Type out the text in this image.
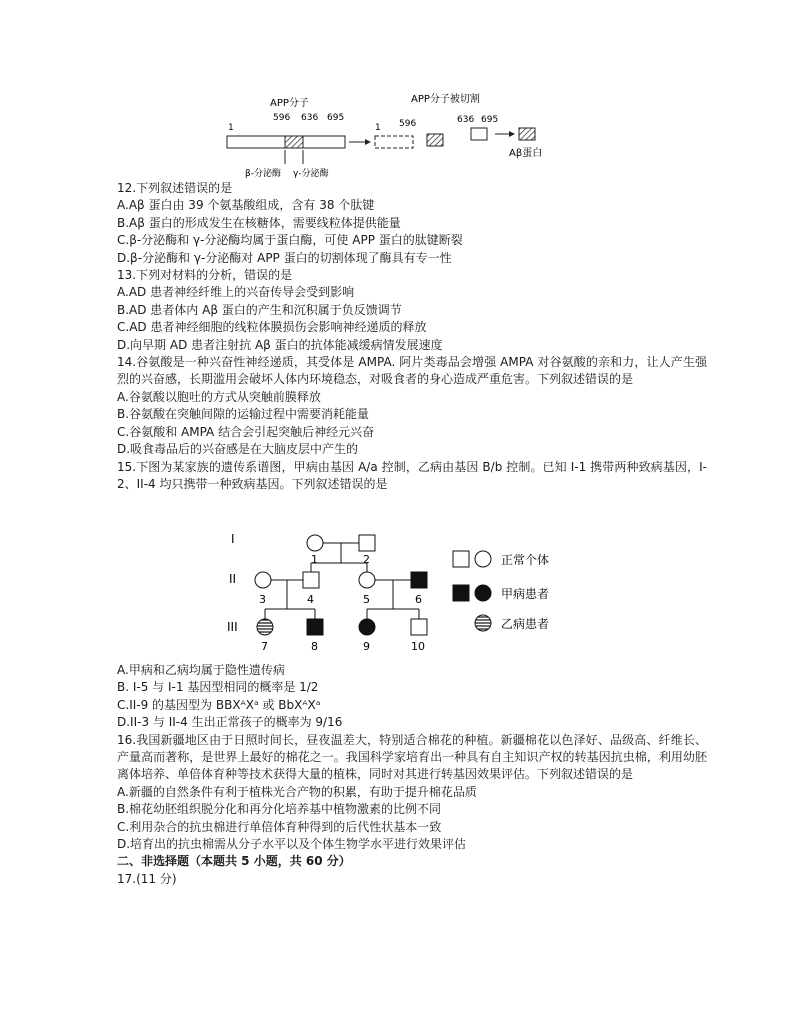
APP分子	APP分子被切割
1
596 636 695
β-分泌酶 γ-分泌酶
1 596	636 695
Aβ蛋白

12.下列叙述错误的是

A.Aβ 蛋白由 39 个氨基酸组成，含有 38 个肽键

B.Aβ 蛋白的形成发生在核糖体，需要线粒体提供能量

C.β-分泌酶和 γ-分泌酶均属于蛋白酶，可使 APP 蛋白的肽键断裂

D.β-分泌酶和 γ-分泌酶对 APP 蛋白的切割体现了酶具有专一性

13.下列对材料的分析，错误的是

A.AD 患者神经纤维上的兴奋传导会受到影响

B.AD 患者体内 Aβ 蛋白的产生和沉积属于负反馈调节

C.AD 患者神经细胞的线粒体膜损伤会影响神经递质的释放

D.向早期 AD 患者注射抗 Aβ 蛋白的抗体能减缓病情发展速度

14.谷氨酸是一种兴奋性神经递质，其受体是 AMPA. 阿片类毒品会增强 AMPA 对谷氨酸的亲和力，让人产生强烈的兴奋感，长期滥用会破坏人体内环境稳态，对吸食者的身心造成严重危害。下列叙述错误的是

A.谷氨酸以胞吐的方式从突触前膜释放

B.谷氨酸在突触间隙的运输过程中需要消耗能量

C.谷氨酸和 AMPA 结合会引起突触后神经元兴奋

D.吸食毒品后的兴奋感是在大脑皮层中产生的

15.下图为某家族的遗传系谱图，甲病由基因 A/a 控制，乙病由基因 B/b 控制。已知 I-1 携带两种致病基因，I-2、II-4 均只携带一种致病基因。下列叙述错误的是

I
II
III
1	2
3	4	5	6
7	8	9	10
正常个体
甲病患者
乙病患者

A.甲病和乙病均属于隐性遗传病

B. I-5 与 I-1 基因型相同的概率是 1/2

C.II-9 的基因型为 BBXᴬXᵃ 或 BbXᴬXᵃ

D.II-3 与 II-4 生出正常孩子的概率为 9/16

16.我国新疆地区由于日照时间长，昼夜温差大，特别适合棉花的种植。新疆棉花以色泽好、品级高、纤维长、产量高而著称，是世界上最好的棉花之一。我国科学家培育出一种具有自主知识产权的转基因抗虫棉，利用幼胚离体培养、单倍体育种等技术获得大量的植株，同时对其进行转基因效果评估。下列叙述错误的是

A.新疆的自然条件有利于植株光合产物的积累，有助于提升棉花品质

B.棉花幼胚组织脱分化和再分化培养基中植物激素的比例不同

C.利用杂合的抗虫棉进行单倍体育种得到的后代性状基本一致

D.培育出的抗虫棉需从分子水平以及个体生物学水平进行效果评估

二、非选择题（本题共 5 小题，共 60 分）

17.(11 分)
